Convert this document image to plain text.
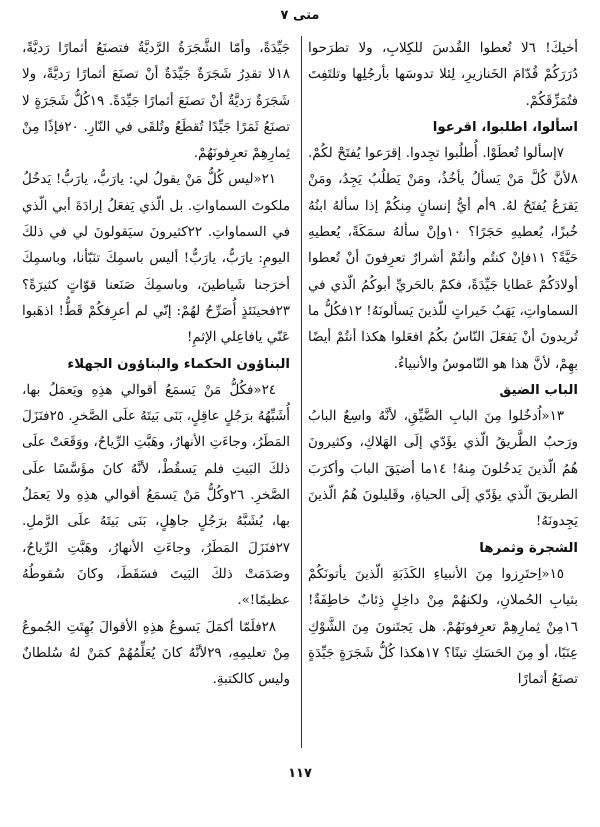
متى ٧

أخيكَ! ٦لا تُعطوا القُدسَ للكِلابِ، ولا تطرَحوا دُرَرَكُمْ قُدّامَ الخَنازيرِ، لِئلا تدوسَها بأرجُلِها وتلتَفِتَ فتُمَزِّقَكُمْ.

اسألوا، اطلبوا، اقرعوا

٧إسألوا تُعطَوْا. أُطلُبوا تجِدوا. إقرَعوا يُفتَحْ لكُمْ. ٨لأنَّ كُلَّ مَنْ يَسألُ يأخُذُ، ومَنْ يَطلُبُ يَجِدُ، ومَنْ يَقرَعُ يُفتَحُ لهُ. ٩أم أيُّ إنسانٍ مِنكُمْ إذا سألهُ ابنُهُ خُبزًا، يُعطيهِ حَجَرًا؟ ١٠وإنْ سألهُ سمَكَةً، يُعطيهِ حَيَّةً؟ ١١فإنْ كنتُم وأنتُمْ أشرارٌ تعرِفونَ أنْ تُعطوا أولادَكُمْ عَطايا جَيِّدَةً، فكمْ بالحَريِّ أبوكُمُ الّذي في السماواتِ، يَهَبُ خَيراتٍ للّذينَ يَسألونَهُ! ١٢فكُلُّ ما تُريدونَ أنْ يَفعَلَ النّاسُ بكُمُ افعَلوا هكذا أنتُمْ أيضًا بهِمْ، لأنَّ هذا هو النّاموسُ والأنبياءُ.

الباب الضيق

١٣«اُدخُلوا مِنَ البابِ الضَّيِّقِ، لأنَّهُ واسِعٌ البابُ ورَحبٌ الطَّريقُ الّذي يؤَدّي إلَى الهَلاكِ، وكثيرونَ هُمُ الّذينَ يَدخُلونَ مِنهُ! ١٤ما أضيَقَ البابَ وأكرَبَ الطريقَ الّذي يؤَدّي إلَى الحياةِ، وقَليلونَ هُمُ الّذينَ يَجِدونَهُ!

الشجرة وثمرها

١٥«اِحتَرِزوا مِنَ الأنبياءِ الكَذَبَةِ الّذينَ يأتونَكُمْ بثيابِ الحُملانِ، ولكنهُمْ مِنْ داخِلٍ ذِئابٌ خاطِفَةٌ! ١٦مِنْ ثِمارِهِمْ تعرِفونَهُمْ. هل يَجتَنونَ مِنَ الشَّوْكِ عِنَبًا، أو مِنَ الحَسَكِ تينًا؟ ١٧هكذا كُلُّ شَجَرَةٍ جَيِّدَةٍ تصنَعُ أثمارًا

جَيِّدَةً، وأمّا الشَّجَرَةُ الرَّديَّةُ فتصنَعُ أثمارًا رَديَّةً، ١٨لا تقدِرُ شَجَرَةٌ جَيِّدَةٌ أنْ تصنَعَ أثمارًا رَديَّةً، ولا شَجَرَةٌ رَديَّةٌ أنْ تصنَعَ أثمارًا جَيِّدَةً. ١٩كُلُّ شَجَرَةٍ لا تصنَعُ ثَمَرًا جَيِّدًا تُقطَعُ وتُلقَى في النّارِ. ٢٠فإذًا مِنْ ثِمارِهِمْ تعرِفونَهُمْ.

٢١«ليس كُلُّ مَنْ يقولُ لي: يارَبُّ، يارَبُّ! يَدخُلُ ملكوتَ السماواتِ. بل الّذي يَفعَلُ إرادَةَ أبي الّذي في السماواتِ. ٢٢كثيرونَ سيَقولونَ لي في ذلكَ اليومِ: يارَبُّ، يارَبُّ! أليس باسمِكَ تنَبّأنا، وباسمِكَ أخرَجنا شَياطينَ، وباسمِكَ صَنَعنا قوّاتٍ كثيرَةً؟ ٢٣فحينَئذٍ أُصَرِّحُ لهُمْ: إنّي لم أعرِفكُمْ قَطُّ! اذهَبوا عَنّي يافاعِلي الإثمِ!

البناؤون الحكماء والبناؤون الجهلاء

٢٤«فكُلُّ مَنْ يَسمَعُ أقوالي هذِهِ ويَعمَلُ بها، أُشَبِّهُهُ برَجُلٍ عاقِلٍ، بَنَى بَيتَهُ علَى الصَّخرِ. ٢٥فنَزَلَ المَطَرُ، وجاءَتِ الأنهارُ، وهَبَّتِ الرِّياحُ، ووَقَعَتْ علَى ذلكَ البَيتِ فلم يَسقُطْ، لأنَّهُ كانَ مؤَسَّسًا علَى الصَّخرِ. ٢٦وكُلُّ مَنْ يَسمَعُ أقوالي هذِهِ ولا يَعمَلُ بها، يُشَبَّهُ برَجُلٍ جاهِلٍ، بَنَى بَيتَهُ علَى الرَّملِ. ٢٧فنَزَلَ المَطَرُ، وجاءَتِ الأنهارُ، وهَبَّتِ الرِّياحُ، وصَدَمَتْ ذلكَ البَيتَ فسَقَطَ، وكانَ سُقوطُهُ عظيمًا!».

٢٨فلَمّا أكمَلَ يَسوعُ هذِهِ الأقوالَ بُهِتَتِ الجُموعُ مِنْ تعليمِهِ، ٢٩لأنَّهُ كانَ يُعَلِّمُهُمْ كمَنْ لهُ سُلطانٌ وليس كالكتبةِ.

١١٧
